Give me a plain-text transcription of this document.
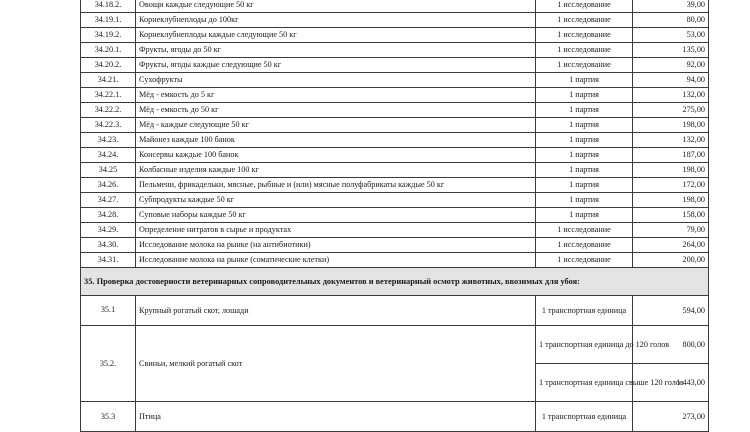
34.18.2.	Овощи каждые следующие 50 кг	1 исследование	39,00
34.19.1.	Корнеклубнеплоды до 100кг	1 исследование	80,00
34.19.2.	Корнеклубнеплоды каждые следующие 50 кг	1 исследование	53,00
34.20.1.	Фрукты, ягоды до 50 кг	1 исследование	135,00
34.20.2.	Фрукты, ягоды каждые следующие 50 кг	1 исследование	92,00
34.21.	Сухофрукты	1 партия	94,00
34.22.1.	Мёд - емкость до 5 кг	1 партия	132,00
34.22.2.	Мёд - емкость до 50 кг	1 партия	275,00
34.22.3.	Мёд - каждые следующие 50 кг	1 партия	198,00
34.23.	Майонез каждые 100 банок	1 партия	132,00
34.24.	Консервы каждые 100 банок	1 партия	187,00
34.25	Колбасные изделия каждые 100 кг	1 партия	198,00
34.26.	Пельмени, фрикадельки, мясные, рыбные и (или) мясные полуфабрикаты каждые 50 кг	1 партия	172,00
34.27.	Субпродукты каждые 50 кг	1 партия	198,00
34.28.	Суповые наборы каждые 50 кг	1 партия	158,00
34.29.	Определение нитратов в сырье и продуктах	1 исследование	79,00
34.30.	Исследование молока на рынке (на антибиотики)	1 исследование	264,00
34.31.	Исследование молока на рынке (соматические клетки)	1 исследование	200,00
35. Проверка достоверности ветеринарных сопроводительных документов и ветеринарный осмотр животных, ввозимых для убоя:			
35.1	Крупный рогатый скот, лошади	1 транспортная единица	594,00
35.2.	Свиньи, мелкий рогатый скот	1 транспортная единица до 120 голов	800,00
		1 транспортная единица свыше 120 голов	1 443,00
35.3	Птица	1 транспортная единица	273,00
